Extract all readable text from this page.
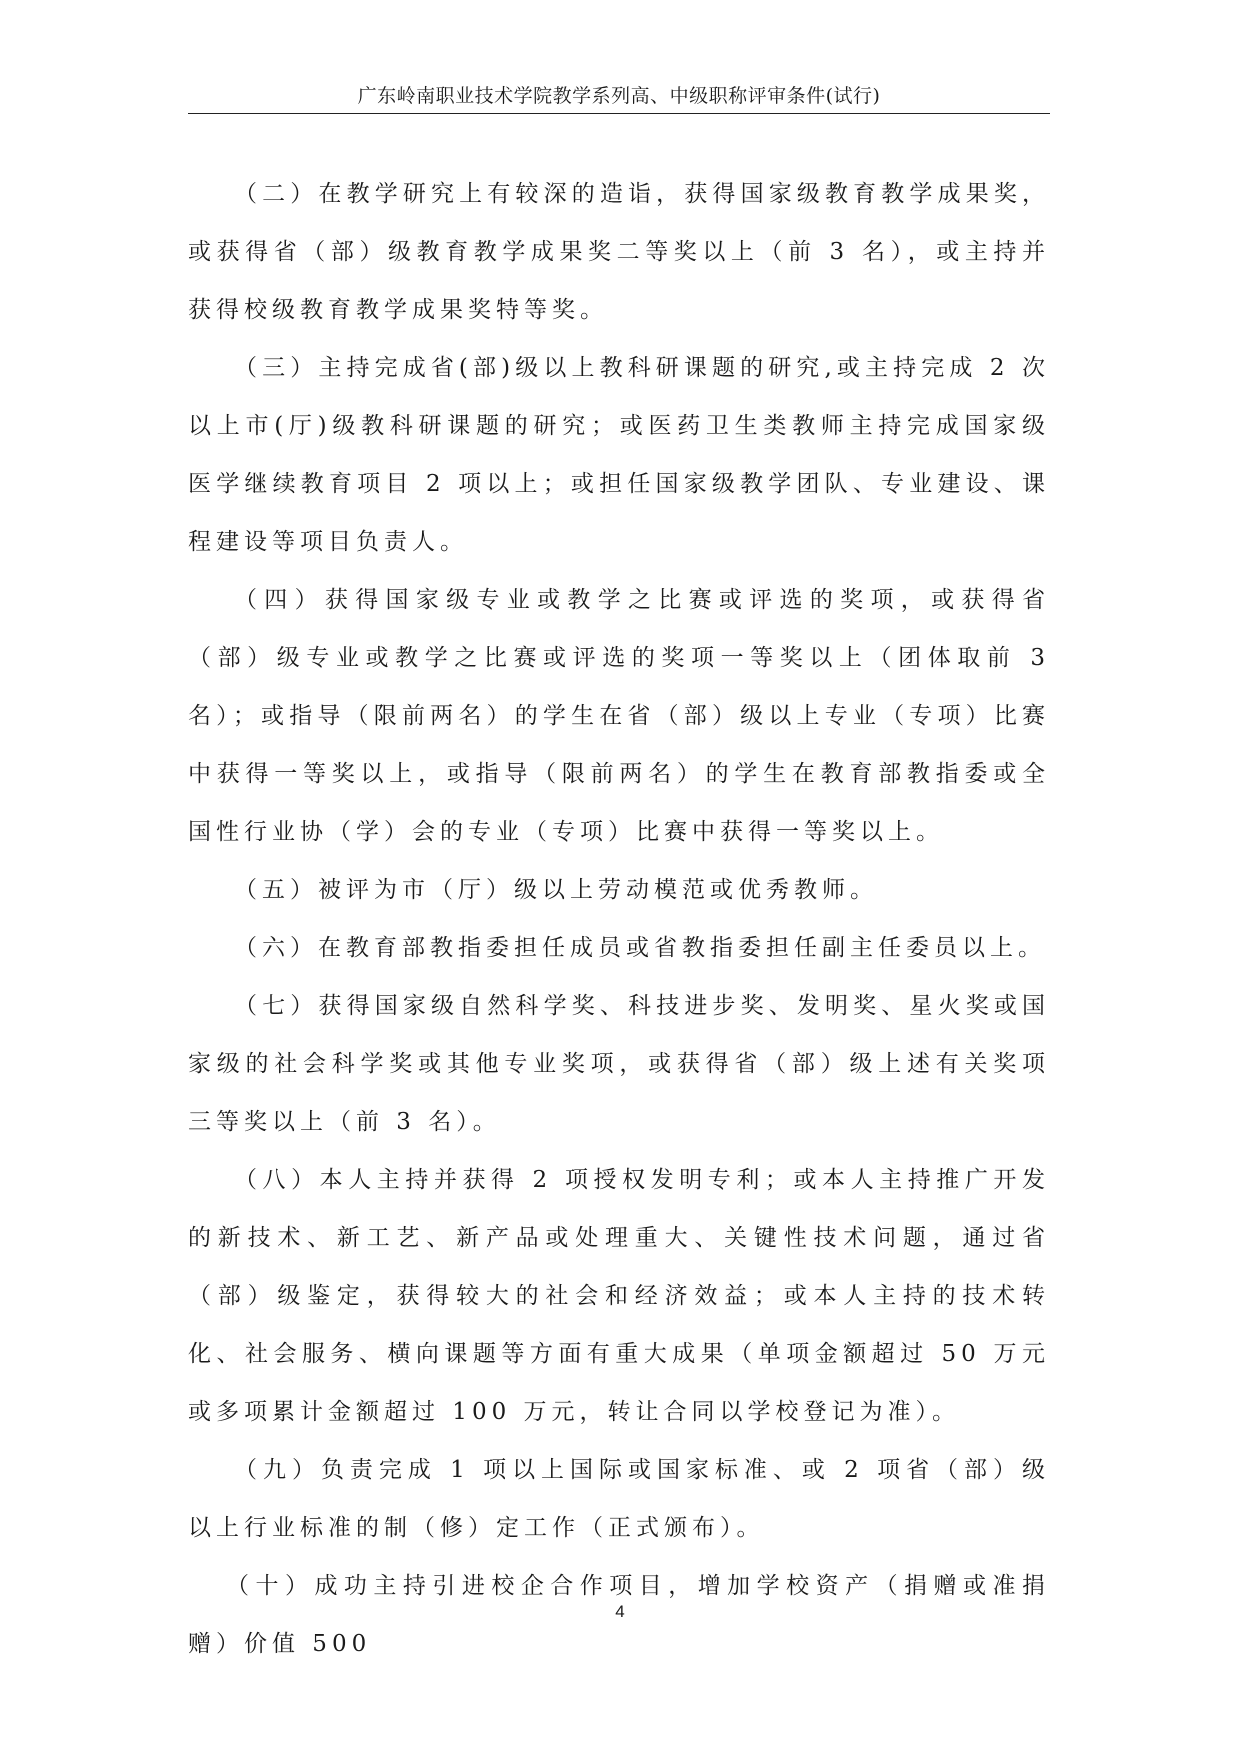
广东岭南职业技术学院教学系列高、中级职称评审条件(试行)

（二）在教学研究上有较深的造诣，获得国家级教育教学成果奖，或获得省（部）级教育教学成果奖二等奖以上（前 3 名），或主持并获得校级教育教学成果奖特等奖。

（三）主持完成省(部)级以上教科研课题的研究,或主持完成 2 次以上市(厅)级教科研课题的研究；或医药卫生类教师主持完成国家级医学继续教育项目 2 项以上；或担任国家级教学团队、专业建设、课程建设等项目负责人。

（四）获得国家级专业或教学之比赛或评选的奖项，或获得省（部）级专业或教学之比赛或评选的奖项一等奖以上（团体取前 3 名）；或指导（限前两名）的学生在省（部）级以上专业（专项）比赛中获得一等奖以上，或指导（限前两名）的学生在教育部教指委或全国性行业协（学）会的专业（专项）比赛中获得一等奖以上。

（五）被评为市（厅）级以上劳动模范或优秀教师。

（六）在教育部教指委担任成员或省教指委担任副主任委员以上。

（七）获得国家级自然科学奖、科技进步奖、发明奖、星火奖或国家级的社会科学奖或其他专业奖项，或获得省（部）级上述有关奖项三等奖以上（前 3 名）。

（八）本人主持并获得 2 项授权发明专利；或本人主持推广开发的新技术、新工艺、新产品或处理重大、关键性技术问题，通过省（部）级鉴定，获得较大的社会和经济效益；或本人主持的技术转化、社会服务、横向课题等方面有重大成果（单项金额超过 50 万元或多项累计金额超过 100 万元，转让合同以学校登记为准）。

（九）负责完成 1 项以上国际或国家标准、或 2 项省（部）级以上行业标准的制（修）定工作（正式颁布）。

（十）成功主持引进校企合作项目，增加学校资产（捐赠或准捐赠）价值 500

4
